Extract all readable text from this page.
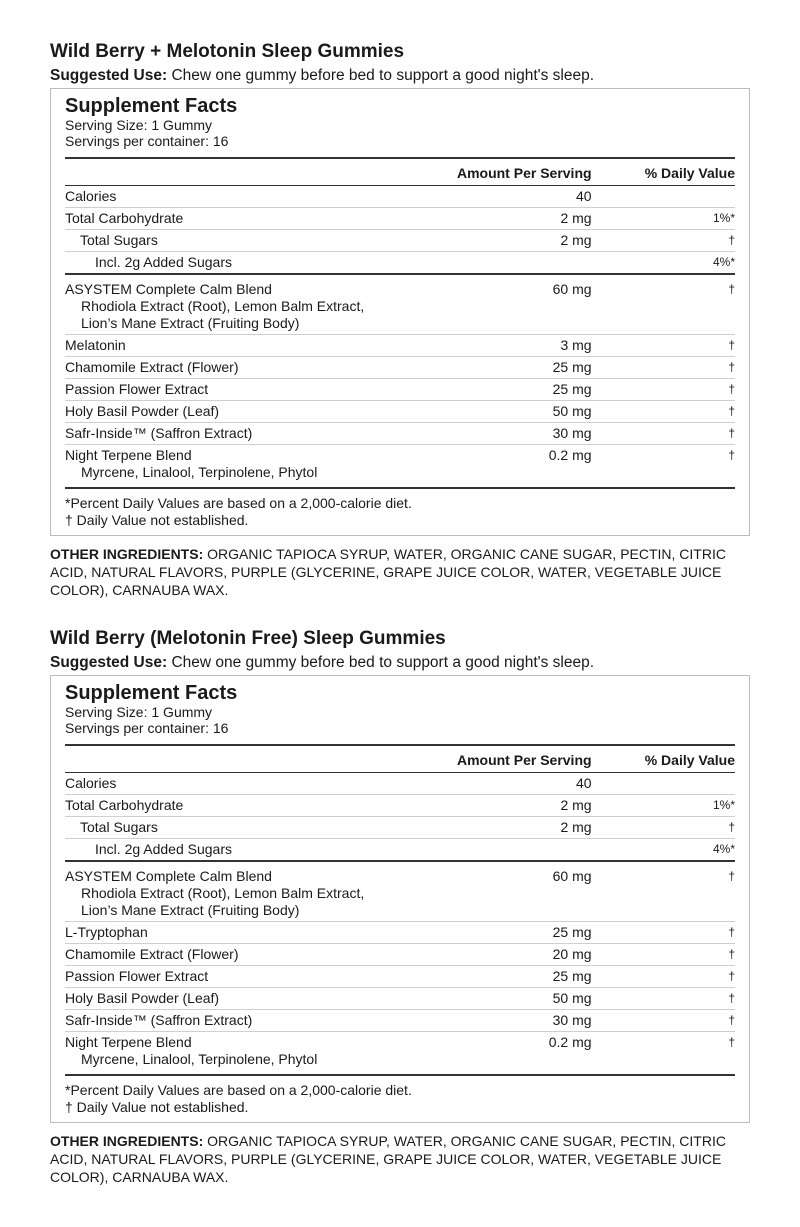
Wild Berry + Melotonin Sleep Gummies

Suggested Use: Chew one gummy before bed to support a good night's sleep.

Supplement Facts

Serving Size: 1 Gummy

Servings per container: 16

	Amount Per Serving	% Daily Value
Calories	40	
Total Carbohydrate	2 mg	1%*
Total Sugars	2 mg	†
Incl. 2g Added Sugars		4%*
ASYSTEM Complete Calm Blend
Rhodiola Extract (Root), Lemon Balm Extract,
Lion’s Mane Extract (Fruiting Body)	60 mg	†
Melatonin	3 mg	†
Chamomile Extract (Flower)	25 mg	†
Passion Flower Extract	25 mg	†
Holy Basil Powder (Leaf)	50 mg	†
Safr-Inside™ (Saffron Extract)	30 mg	†
Night Terpene Blend
Myrcene, Linalool, Terpinolene, Phytol	0.2 mg	†
*Percent Daily Values are based on a 2,000-calorie diet.
† Daily Value not established.
OTHER INGREDIENTS: ORGANIC TAPIOCA SYRUP, WATER, ORGANIC CANE SUGAR, PECTIN, CITRIC ACID, NATURAL FLAVORS, PURPLE (GLYCERINE, GRAPE JUICE COLOR, WATER, VEGETABLE JUICE COLOR), CARNAUBA WAX.
Wild Berry (Melotonin Free) Sleep Gummies

Suggested Use: Chew one gummy before bed to support a good night's sleep.

Supplement Facts

Serving Size: 1 Gummy

Servings per container: 16

	Amount Per Serving	% Daily Value
Calories	40	
Total Carbohydrate	2 mg	1%*
Total Sugars	2 mg	†
Incl. 2g Added Sugars		4%*
ASYSTEM Complete Calm Blend
Rhodiola Extract (Root), Lemon Balm Extract,
Lion’s Mane Extract (Fruiting Body)	60 mg	†
L-Tryptophan	25 mg	†
Chamomile Extract (Flower)	20 mg	†
Passion Flower Extract	25 mg	†
Holy Basil Powder (Leaf)	50 mg	†
Safr-Inside™ (Saffron Extract)	30 mg	†
Night Terpene Blend
Myrcene, Linalool, Terpinolene, Phytol	0.2 mg	†
*Percent Daily Values are based on a 2,000-calorie diet.
† Daily Value not established.
OTHER INGREDIENTS: ORGANIC TAPIOCA SYRUP, WATER, ORGANIC CANE SUGAR, PECTIN, CITRIC ACID, NATURAL FLAVORS, PURPLE (GLYCERINE, GRAPE JUICE COLOR, WATER, VEGETABLE JUICE COLOR), CARNAUBA WAX.
